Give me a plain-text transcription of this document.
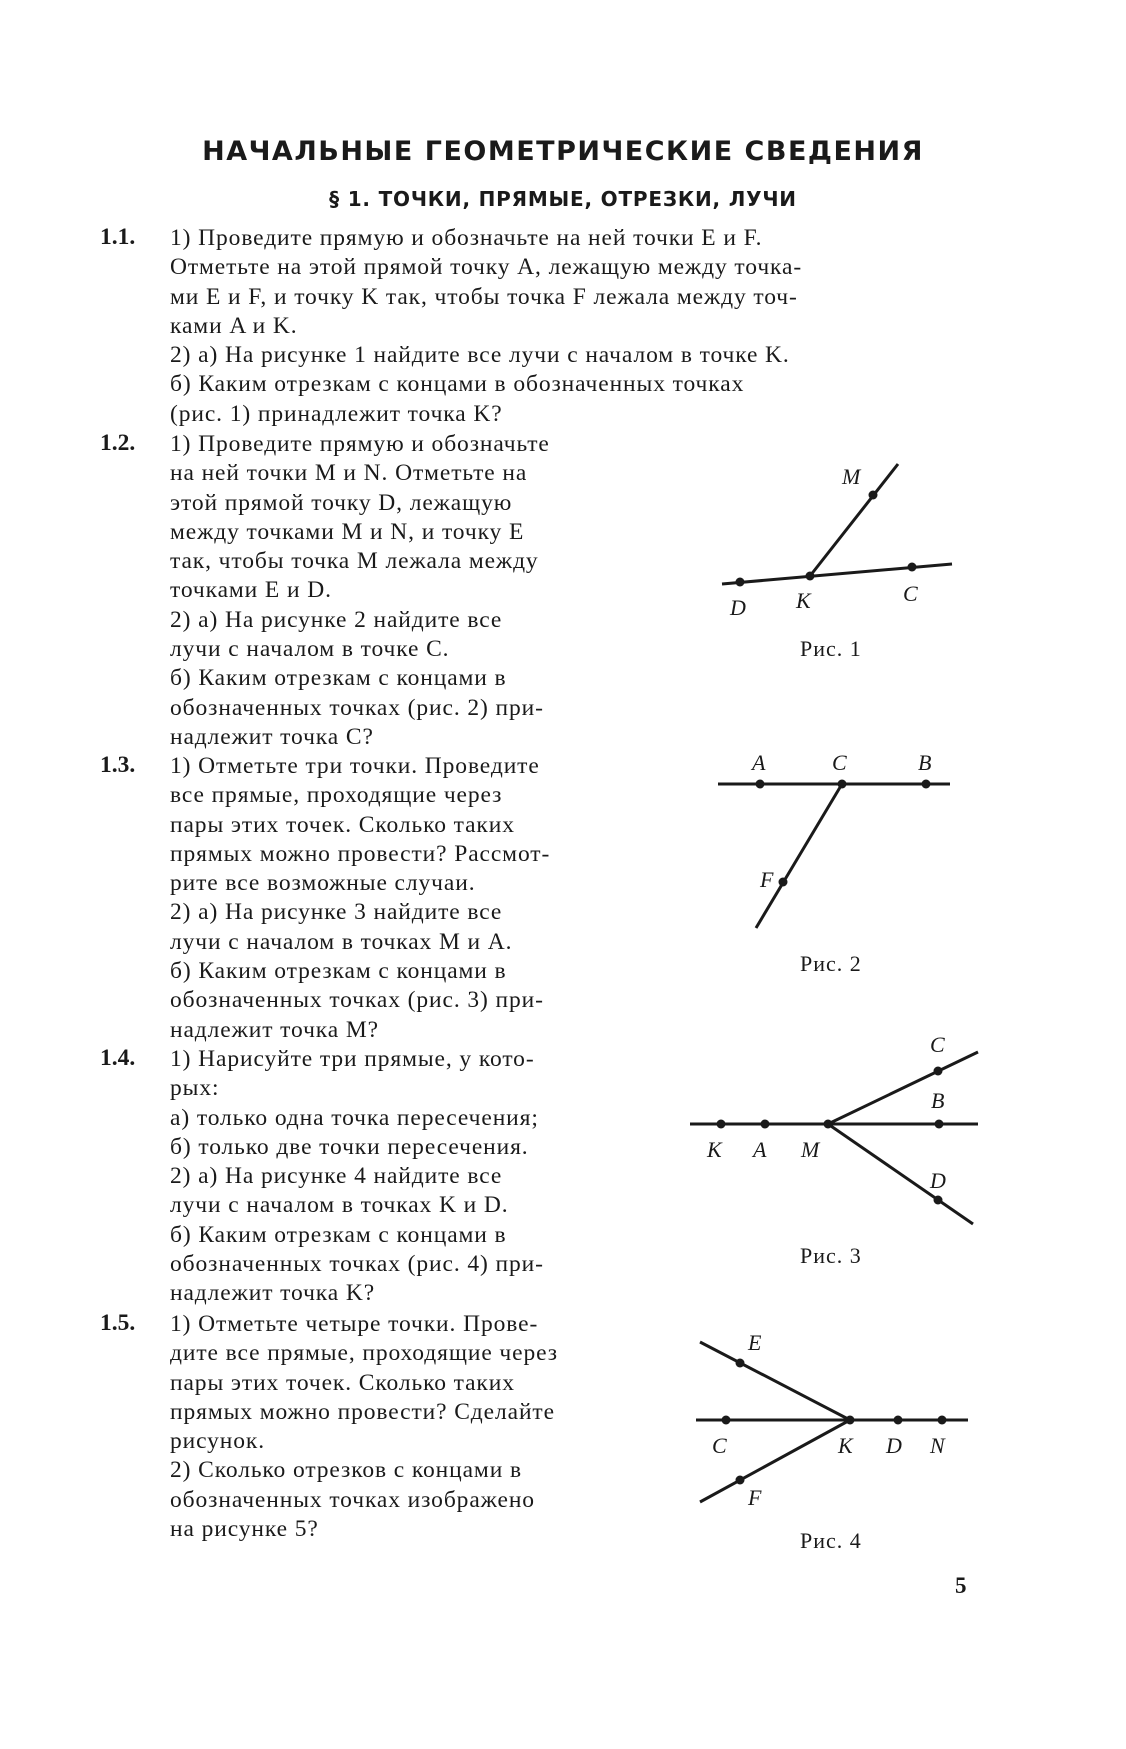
НАЧАЛЬНЫЕ ГЕОМЕТРИЧЕСКИЕ СВЕДЕНИЯ
§ 1. ТОЧКИ, ПРЯМЫЕ, ОТРЕЗКИ, ЛУЧИ
1.1. 1) Проведите прямую и обозначьте на ней точки E и F.
Отметьте на этой прямой точку A, лежащую между точка-
ми E и F, и точку K так, чтобы точка F лежала между точ-
ками A и K.
2) а) На рисунке 1 найдите все лучи с началом в точке K.
б) Каким отрезкам с концами в обозначенных точках
(рис. 1) принадлежит точка K?
1.2. 1) Проведите прямую и обозначьте
на ней точки M и N. Отметьте на
этой прямой точку D, лежащую
между точками M и N, и точку E
так, чтобы точка M лежала между
точками E и D.
2) а) На рисунке 2 найдите все
лучи с началом в точке C.
б) Каким отрезкам с концами в
обозначенных точках (рис. 2) при-
надлежит точка C?
1.3. 1) Отметьте три точки. Проведите
все прямые, проходящие через
пары этих точек. Сколько таких
прямых можно провести? Рассмот-
рите все возможные случаи.
2) а) На рисунке 3 найдите все
лучи с началом в точках M и A.
б) Каким отрезкам с концами в
обозначенных точках (рис. 3) при-
надлежит точка M?
1.4. 1) Нарисуйте три прямые, у кото-
рых:
а) только одна точка пересечения;
б) только две точки пересечения.
2) а) На рисунке 4 найдите все
лучи с началом в точках K и D.
б) Каким отрезкам с концами в
обозначенных точках (рис. 4) при-
надлежит точка K?
1.5. 1) Отметьте четыре точки. Прове-
дите все прямые, проходящие через
пары этих точек. Сколько таких
прямых можно провести? Сделайте
рисунок.
2) Сколько отрезков с концами в
обозначенных точках изображено
на рисунке 5?
M
D K	C
Рис. 1
A	C	B
F
Рис. 2
C
B
K A M
D
Рис. 3
E
C	K D N
F
Рис. 4
5
